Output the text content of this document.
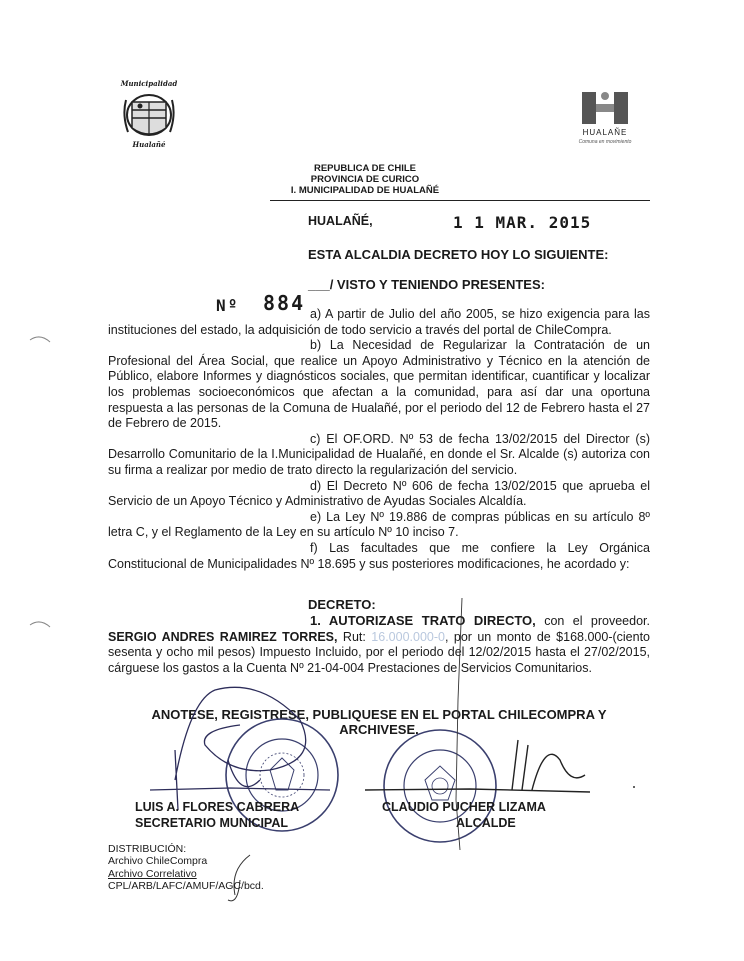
Municipalidad
Hualañé
HUALAÑE
Comuna en movimiento
REPUBLICA DE CHILE
PROVINCIA DE CURICO
I. MUNICIPALIDAD DE HUALAÑÉ
HUALAÑÉ,	1 1 MAR. 2015
ESTA ALCALDIA DECRETO HOY LO SIGUIENTE:
___/ VISTO Y TENIENDO PRESENTES:
Nº 884 a) A partir de Julio del año 2005, se hizo exigencia para las instituciones del estado, la adquisición de todo servicio a través del portal de ChileCompra.

b) La Necesidad de Regularizar la Contratación de un Profesional del Área Social, que realice un Apoyo Administrativo y Técnico en la atención de Público, elabore Informes y diagnósticos sociales, que permitan identificar, cuantificar y localizar los problemas socioeconómicos que afectan a la comunidad, para así dar una oportuna respuesta a las personas de la Comuna de Hualañé, por el periodo del 12 de Febrero hasta el 27 de Febrero de 2015.

c) El OF.ORD. Nº 53 de fecha 13/02/2015 del Director (s) Desarrollo Comunitario de la I.Municipalidad de Hualañé, en donde el Sr. Alcalde (s) autoriza con su firma a realizar por medio de trato directo la regularización del servicio.

d) El Decreto Nº 606 de fecha 13/02/2015 que aprueba el Servicio de un Apoyo Técnico y Administrativo de Ayudas Sociales Alcaldía.

e) La Ley Nº 19.886 de compras públicas en su artículo 8º letra C, y el Reglamento de la Ley en su artículo Nº 10 inciso 7.

f) Las facultades que me confiere la Ley Orgánica Constitucional de Municipalidades Nº 18.695 y sus posteriores modificaciones, he acordado y:

DECRETO:

1. AUTORIZASE TRATO DIRECTO, con el proveedor. SERGIO ANDRES RAMIREZ TORRES, Rut: 16.000.000-0, por un monto de $168.000-(ciento sesenta y ocho mil pesos) Impuesto Incluido, por el periodo del 12/02/2015 hasta el 27/02/2015, cárguese los gastos a la Cuenta Nº 21-04-004 Prestaciones de Servicios Comunitarios.

ANOTESE, REGISTRESE, PUBLIQUESE EN EL PORTAL CHILECOMPRA Y
ARCHIVESE.
LUIS A. FLORES CABRERA
SECRETARIO MUNICIPAL
CLAUDIO PUCHER LIZAMA
ALCALDE
DISTRIBUCIÓN:
Archivo ChileCompra
Archivo Correlativo
CPL/ARB/LAFC/AMUF/AGC/bcd.
